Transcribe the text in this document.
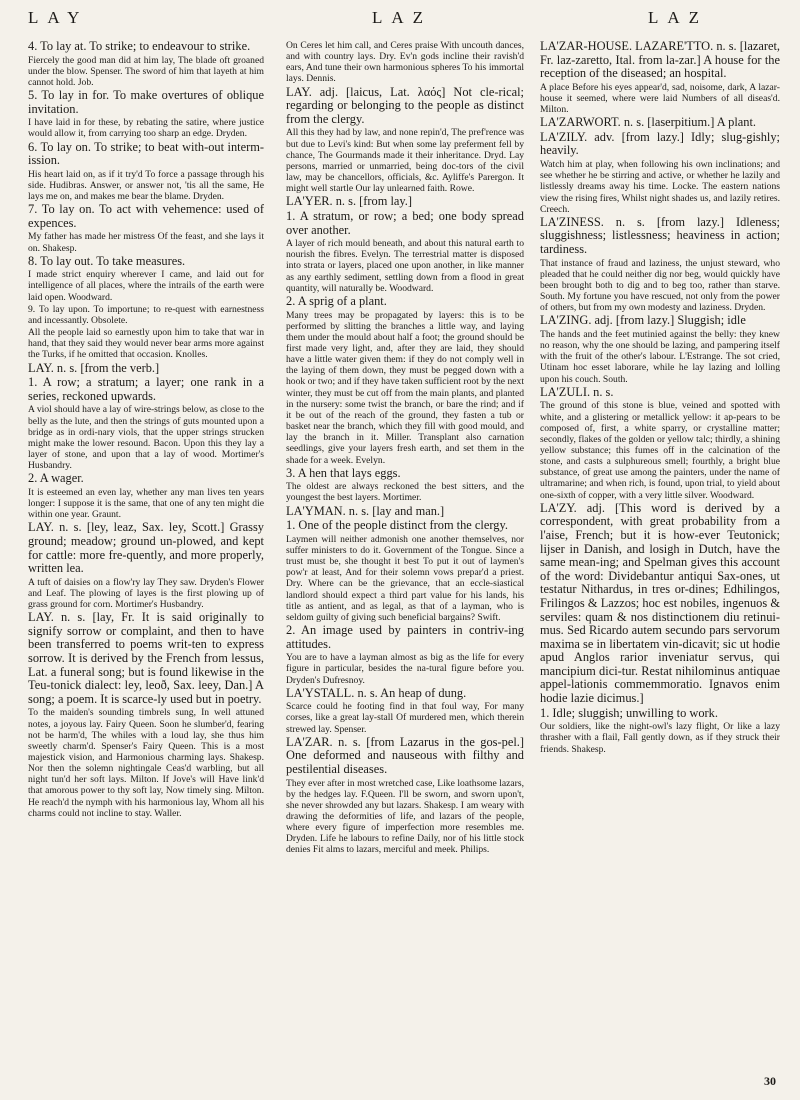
LAY	LAZ	LAZ

4. To lay at. To strike; to endeavour to strike.

Fiercely the good man did at him lay, The blade oft groaned under the blow. Spenser. The sword of him that layeth at him cannot hold. Job.

5. To lay in for. To make overtures of oblique invitation.

I have laid in for these, by rebating the satire, where justice would allow it, from carrying too sharp an edge. Dryden.

6. To lay on. To strike; to beat with-out intermission.

His heart laid on, as if it try'd To force a passage through his side. Hudibras. Answer, or answer not, 'tis all the same, He lays me on, and makes me bear the blame. Dryden.

7. To lay on. To act with vehemence: used of expences.

My father has made her mistress Of the feast, and she lays it on. Shakesp.

8. To lay out. To take measures.

I made strict enquiry wherever I came, and laid out for intelligence of all places, where the intrails of the earth were laid open. Woodward.

9. To lay upon. To importune; to re-quest with earnestness and incessantly. Obsolete.

All the people laid so earnestly upon him to take that war in hand, that they said they would never bear arms more against the Turks, if he omitted that occasion. Knolles.

LAY. n. s. [from the verb.]

1. A row; a stratum; a layer; one rank in a series, reckoned upwards.

A viol should have a lay of wire-strings below, as close to the belly as the lute, and then the strings of guts mounted upon a bridge as in ordi-nary viols, that the upper strings strucken might make the lower resound. Bacon. Upon this they lay a layer of stone, and upon that a lay of wood. Mortimer's Husbandry.

2. A wager.

It is esteemed an even lay, whether any man lives ten years longer: I suppose it is the same, that one of any ten might die within one year. Graunt.

LAY. n. s. [ley, leaz, Sax. ley, Scott.] Grassy ground; meadow; ground un-plowed, and kept for cattle: more fre-quently, and more properly, written lea.

A tuft of daisies on a flow'ry lay They saw. Dryden's Flower and Leaf. The plowing of layes is the first plowing up of grass ground for corn. Mortimer's Husbandry.

LAY. n. s. [lay, Fr. It is said originally to signify sorrow or complaint, and then to have been transferred to poems writ-ten to express sorrow. It is derived by the French from lessus, Lat. a funeral song; but is found likewise in the Teu-tonick dialect: ley, leoð, Sax. leey, Dan.] A song; a poem. It is scarce-ly used but in poetry.

To the maiden's sounding timbrels sung, In well attuned notes, a joyous lay. Fairy Queen. Soon he slumber'd, fearing not be harm'd, The whiles with a loud lay, she thus him sweetly charm'd. Spenser's Fairy Queen. This is a most majestick vision, and Harmonious charming lays. Shakesp. Nor then the solemn nightingale Ceas'd warbling, but all night tun'd her soft lays. Milton. If Jove's will Have link'd that amorous power to thy soft lay, Now timely sing. Milton. He reach'd the nymph with his harmonious lay, Whom all his charms could not incline to stay. Waller.

On Ceres let him call, and Ceres praise With uncouth dances, and with country lays. Dry. Ev'n gods incline their ravish'd ears, And tune their own harmonious spheres To his immortal lays. Dennis.

LAY. adj. [laicus, Lat. λαός] Not cle-rical; regarding or belonging to the people as distinct from the clergy.

All this they had by law, and none repin'd, The pref'rence was but due to Levi's kind: But when some lay preferment fell by chance, The Gourmands made it their inheritance. Dryd. Lay persons, married or unmarried, being doc-tors of the civil law, may be chancellors, officials, &c. Ayliffe's Parergon. It might well startle Our lay unlearned faith. Rowe.

LA'YER. n. s. [from lay.]

1. A stratum, or row; a bed; one body spread over another.

A layer of rich mould beneath, and about this natural earth to nourish the fibres. Evelyn. The terrestrial matter is disposed into strata or layers, placed one upon another, in like manner as any earthly sediment, settling down from a flood in great quantity, will naturally be. Woodward.

2. A sprig of a plant.

Many trees may be propagated by layers: this is to be performed by slitting the branches a little way, and laying them under the mould about half a foot; the ground should be first made very light, and, after they are laid, they should have a little water given them: if they do not comply well in the laying of them down, they must be pegged down with a hook or two; and if they have taken sufficient root by the next winter, they must be cut off from the main plants, and planted in the nursery: some twist the branch, or bare the rind; and if it be out of the reach of the ground, they fasten a tub or basket near the branch, which they fill with good mould, and lay the branch in it. Miller. Transplant also carnation seedlings, give your layers fresh earth, and set them in the shade for a week. Evelyn.

3. A hen that lays eggs.

The oldest are always reckoned the best sitters, and the youngest the best layers. Mortimer.

LA'YMAN. n. s. [lay and man.]

1. One of the people distinct from the clergy.

Laymen will neither admonish one another themselves, nor suffer ministers to do it. Government of the Tongue. Since a trust must be, she thought it best To put it out of laymen's pow'r at least, And for their solemn vows prepar'd a priest. Dry. Where can be the grievance, that an eccle-siastical landlord should expect a third part value for his lands, his title as antient, and as legal, as that of a layman, who is seldom guilty of giving such beneficial bargains? Swift.

2. An image used by painters in contriv-ing attitudes.

You are to have a layman almost as big as the life for every figure in particular, besides the na-tural figure before you. Dryden's Dufresnoy.

LA'YSTALL. n. s. An heap of dung.

Scarce could he footing find in that foul way, For many corses, like a great lay-stall Of murdered men, which therein strewed lay. Spenser.

LA'ZAR. n. s. [from Lazarus in the gos-pel.] One deformed and nauseous with filthy and pestilential diseases.

They ever after in most wretched case, Like loathsome lazars, by the hedges lay. F.Queen. I'll be sworn, and sworn upon't, she never shrowded any but lazars. Shakesp. I am weary with drawing the deformities of life, and lazars of the people, where every figure of imperfection more resembles me. Dryden. Life he labours to refine Daily, nor of his little stock denies Fit alms to lazars, merciful and meek. Philips.

LA'ZAR-HOUSE. LAZARE'TTO. n. s. [lazaret, Fr. laz-zaretto, Ital. from la-zar.] A house for the reception of the diseased; an hospital.

A place Before his eyes appear'd, sad, noisome, dark, A lazar-house it seemed, where were laid Numbers of all diseas'd. Milton.

LA'ZARWORT. n. s. [laserpitium.] A plant.

LA'ZILY. adv. [from lazy.] Idly; slug-gishly; heavily.

Watch him at play, when following his own inclinations; and see whether he be stirring and active, or whether he lazily and listlessly dreams away his time. Locke. The eastern nations view the rising fires, Whilst night shades us, and lazily retires. Creech.

LA'ZINESS. n. s. [from lazy.] Idleness; sluggishness; listlessness; heaviness in action; tardiness.

That instance of fraud and laziness, the unjust steward, who pleaded that he could neither dig nor beg, would quickly have been brought both to dig and to beg too, rather than starve. South. My fortune you have rescued, not only from the power of others, but from my own modesty and laziness. Dryden.

LA'ZING. adj. [from lazy.] Sluggish; idle

The hands and the feet mutinied against the belly: they knew no reason, why the one should be lazing, and pampering itself with the fruit of the other's labour. L'Estrange. The sot cried, Utinam hoc esset laborare, while he lay lazing and lolling upon his couch. South.

LA'ZULI. n. s.

The ground of this stone is blue, veined and spotted with white, and a glistering or metallick yellow: it ap-pears to be composed of, first, a white sparry, or crystalline matter; secondly, flakes of the golden or yellow talc; thirdly, a shining yellow substance; this fumes off in the calcination of the stone, and casts a sulphureous smell; fourthly, a bright blue substance, of great use among the painters, under the name of ultramarine; and when rich, is found, upon trial, to yield about one-sixth of copper, with a very little silver. Woodward.

LA'ZY. adj. [This word is derived by a correspondent, with great probability from a l'aise, French; but it is how-ever Teutonick; lijser in Danish, and losigh in Dutch, have the same mean-ing; and Spelman gives this account of the word: Dividebantur antiqui Sax-ones, ut testatur Nithardus, in tres or-dines; Edhilingos, Frilingos & Lazzos; hoc est nobiles, ingenuos & serviles: quam & nos distinctionem diu retinui-mus. Sed Ricardo autem secundo pars servorum maxima se in libertatem vin-dicavit; sic ut hodie apud Anglos rarior inveniatur servus, qui mancipium dici-tur. Restat nihilominus antiquae appel-lationis commemmoratio. Ignavos enim hodie lazie dicimus.]

1. Idle; sluggish; unwilling to work.

Our soldiers, like the night-owl's lazy flight, Or like a lazy thrasher with a flail, Fall gently down, as if they struck their friends. Shakesp.

30
